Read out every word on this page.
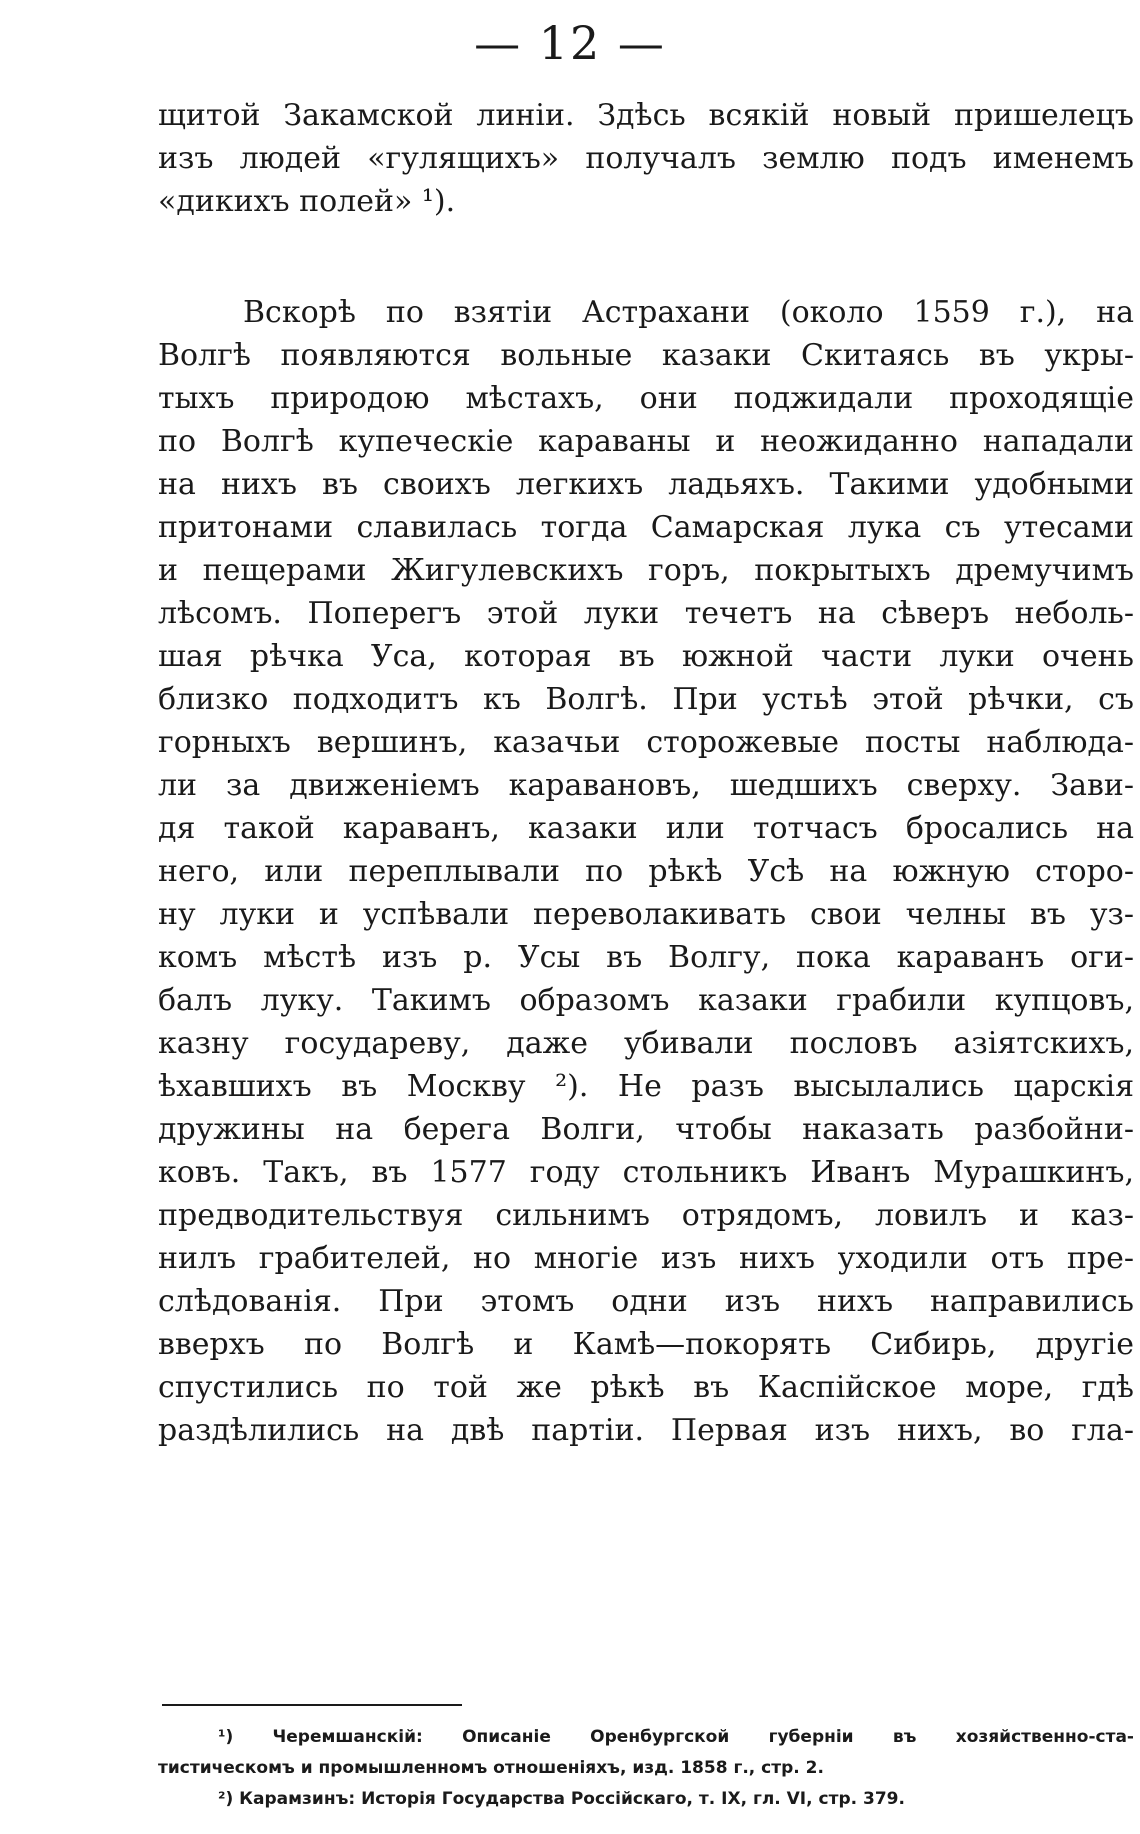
— 12 —
щитой Закамской линіи. Здѣсь всякій новый пришелецъ
изъ людей «гулящихъ» получалъ землю подъ именемъ
«дикихъ полей» ¹).
Вскорѣ по взятіи Астрахани (около 1559 г.), на
Волгѣ появляются вольные казаки Скитаясь въ укры-
тыхъ природою мѣстахъ, они поджидали проходящіе
по Волгѣ купеческіе караваны и неожиданно нападали
на нихъ въ своихъ легкихъ ладьяхъ. Такими удобными
притонами славилась тогда Самарская лука съ утесами
и пещерами Жигулевскихъ горъ, покрытыхъ дремучимъ
лѣсомъ. Поперегъ этой луки течетъ на сѣверъ неболь-
шая рѣчка Уса, которая въ южной части луки очень
близко подходитъ къ Волгѣ. При устьѣ этой рѣчки, съ
горныхъ вершинъ, казачьи сторожевые посты наблюда-
ли за движеніемъ каравановъ, шедшихъ сверху. Зави-
дя такой караванъ, казаки или тотчасъ бросались на
него, или переплывали по рѣкѣ Усѣ на южную сторо-
ну луки и успѣвали переволакивать свои челны въ уз-
комъ мѣстѣ изъ р. Усы въ Волгу, пока караванъ оги-
балъ луку. Такимъ образомъ казаки грабили купцовъ,
казну государеву, даже убивали пословъ азіятскихъ,
ѣхавшихъ въ Москву ²). Не разъ высылались царскія
дружины на берега Волги, чтобы наказать разбойни-
ковъ. Такъ, въ 1577 году стольникъ Иванъ Мурашкинъ,
предводительствуя сильнимъ отрядомъ, ловилъ и каз-
нилъ грабителей, но многіе изъ нихъ уходили отъ пре-
слѣдованія. При этомъ одни изъ нихъ направились
вверхъ по Волгѣ и Камѣ—покорять Сибирь, другіе
спустились по той же рѣкѣ въ Каспійское море, гдѣ
раздѣлились на двѣ партіи. Первая изъ нихъ, во гла-
¹) Черемшанскій: Описаніе Оренбургской губерніи въ хозяйственно-ста-
тистическомъ и промышленномъ отношеніяхъ, изд. 1858 г., стр. 2.
²) Карамзинъ: Исторія Государства Россійскаго, т. IX, гл. VI, стр. 379.
